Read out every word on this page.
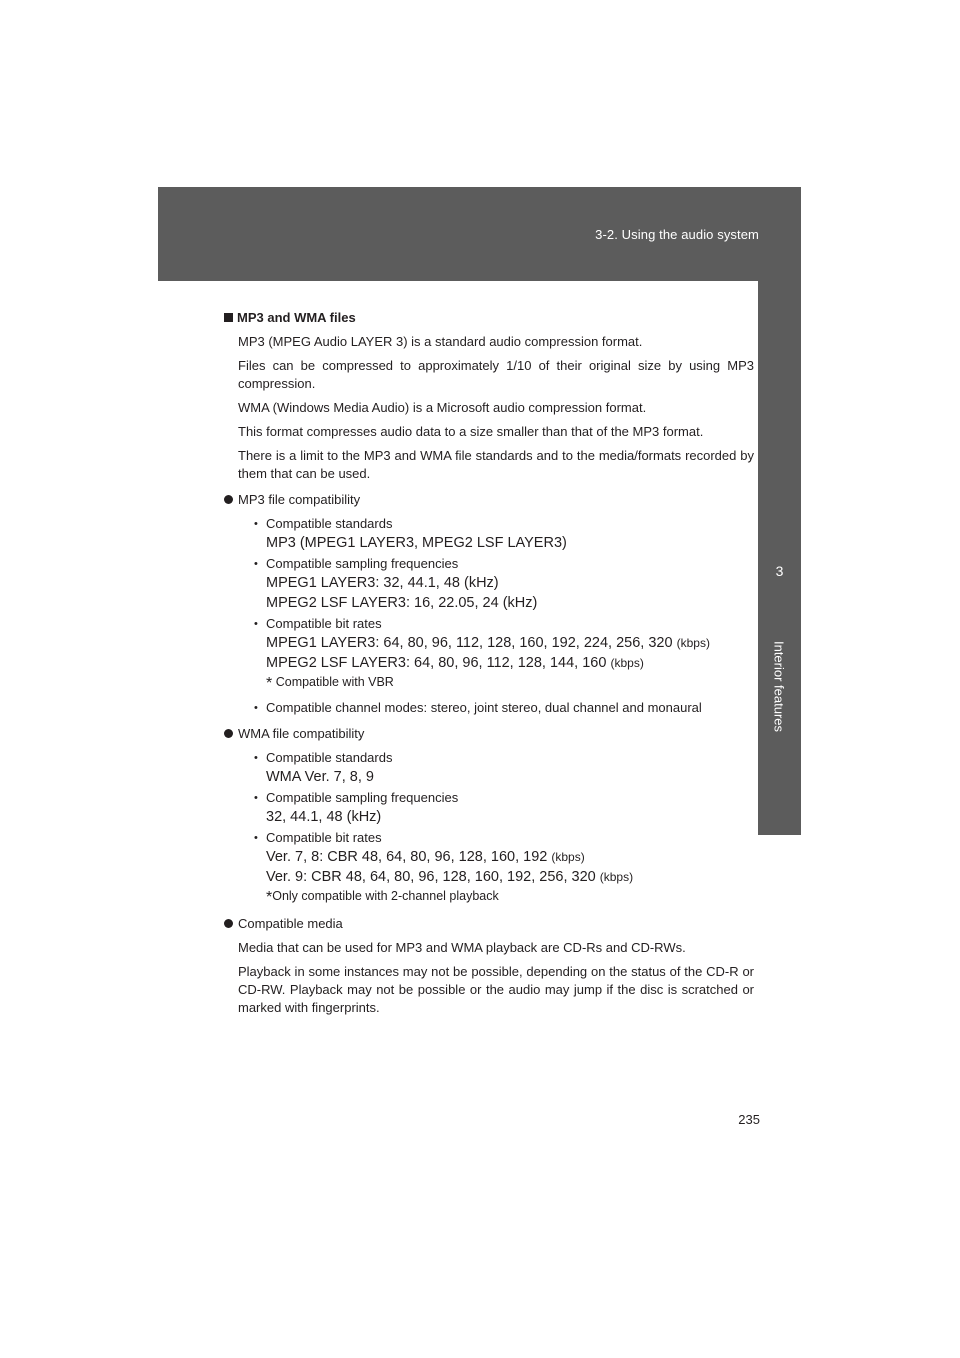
3-2. Using the audio system
3
Interior features
MP3 and WMA files

MP3 (MPEG Audio LAYER 3) is a standard audio compression format.

Files can be compressed to approximately 1/10 of their original size by using MP3 compression.

WMA (Windows Media Audio) is a Microsoft audio compression format.

This format compresses audio data to a size smaller than that of the MP3 format.

There is a limit to the MP3 and WMA file standards and to the media/formats recorded by them that can be used.

MP3 file compatibility
• Compatible standards
MP3 (MPEG1 LAYER3, MPEG2 LSF LAYER3)
• Compatible sampling frequencies
MPEG1 LAYER3: 32, 44.1, 48 (kHz)
MPEG2 LSF LAYER3: 16, 22.05, 24 (kHz)
• Compatible bit rates
MPEG1 LAYER3: 64, 80, 96, 112, 128, 160, 192, 224, 256, 320 (kbps)
MPEG2 LSF LAYER3: 64, 80, 96, 112, 128, 144, 160 (kbps)
* Compatible with VBR
• Compatible channel modes: stereo, joint stereo, dual channel and monaural
WMA file compatibility
• Compatible standards
WMA Ver. 7, 8, 9
• Compatible sampling frequencies
32, 44.1, 48 (kHz)
• Compatible bit rates
Ver. 7, 8: CBR 48, 64, 80, 96, 128, 160, 192 (kbps)
Ver. 9: CBR 48, 64, 80, 96, 128, 160, 192, 256, 320 (kbps)
*Only compatible with 2-channel playback
Compatible media

Media that can be used for MP3 and WMA playback are CD-Rs and CD-RWs.

Playback in some instances may not be possible, depending on the status of the CD-R or CD-RW. Playback may not be possible or the audio may jump if the disc is scratched or marked with fingerprints.

235
